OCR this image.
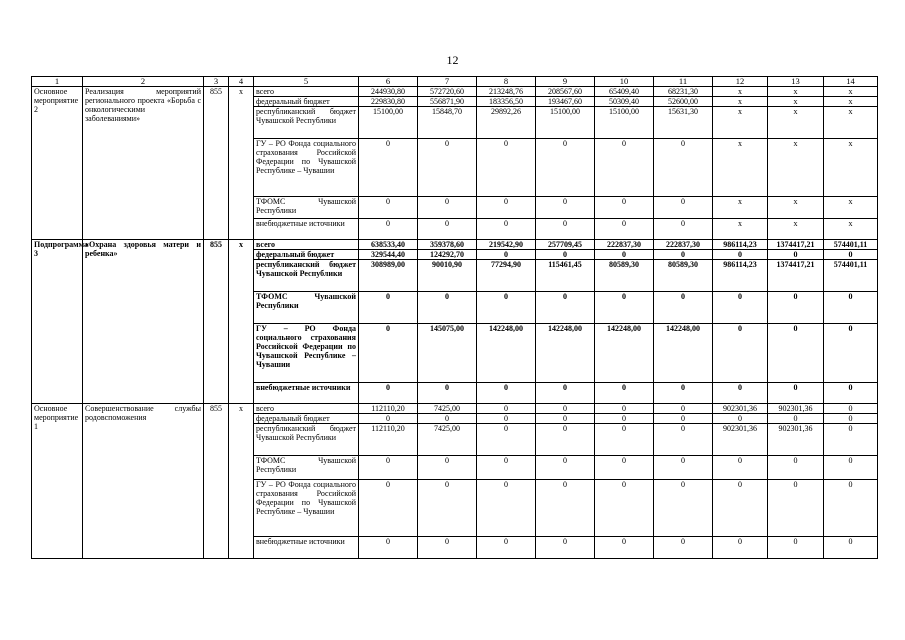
12
1	2	3	4	5	6	7	8	9	10	11	12	13	14
Основное мероприятие 2	Реализация мероприятий регионального проекта «Борьба с онкологическими заболеваниями»	855	х	всего	244930,80	572720,60	213248,76	208567,60	65409,40	68231,30	х	х	х
				федеральный бюджет	229830,80	556871,90	183356,50	193467,60	50309,40	52600,00	х	х	х
				республиканский бюджет Чувашской Республики	15100,00	15848,70	29892,26	15100,00	15100,00	15631,30	х	х	х
				ГУ – РО Фонда социального страхования Российской Федерации по Чувашской Республике – Чувашии	0	0	0	0	0	0	х	х	х
				ТФОМС Чувашской Республики	0	0	0	0	0	0	х	х	х
				внебюджетные источники	0	0	0	0	0	0	х	х	х
Подпрограмма 3	«Охрана здоровья матери и ребенка»	855	х	всего	638533,40	359378,60	219542,90	257709,45	222837,30	222837,30	986114,23	1374417,21	574401,11
				федеральный бюджет	329544,40	124292,70	0	0	0	0	0	0	0
				республиканский бюджет Чувашской Республики	308989,00	90010,90	77294,90	115461,45	80589,30	80589,30	986114,23	1374417,21	574401,11
				ТФОМС Чувашской Республики	0	0	0	0	0	0	0	0	0
				ГУ – РО Фонда социального страхования Российской Федерации по Чувашской Республике – Чувашии	0	145075,00	142248,00	142248,00	142248,00	142248,00	0	0	0
				внебюджетные источники	0	0	0	0	0	0	0	0	0
Основное мероприятие 1	Совершенствование службы родовспоможения	855	х	всего	112110,20	7425,00	0	0	0	0	902301,36	902301,36	0
				федеральный бюджет	0	0	0	0	0	0	0	0	0
				республиканский бюджет Чувашской Республики	112110,20	7425,00	0	0	0	0	902301,36	902301,36	0
				ТФОМС Чувашской Республики	0	0	0	0	0	0	0	0	0
				ГУ – РО Фонда социального страхования Российской Федерации по Чувашской Республике – Чувашии	0	0	0	0	0	0	0	0	0
				внебюджетные источники	0	0	0	0	0	0	0	0	0
